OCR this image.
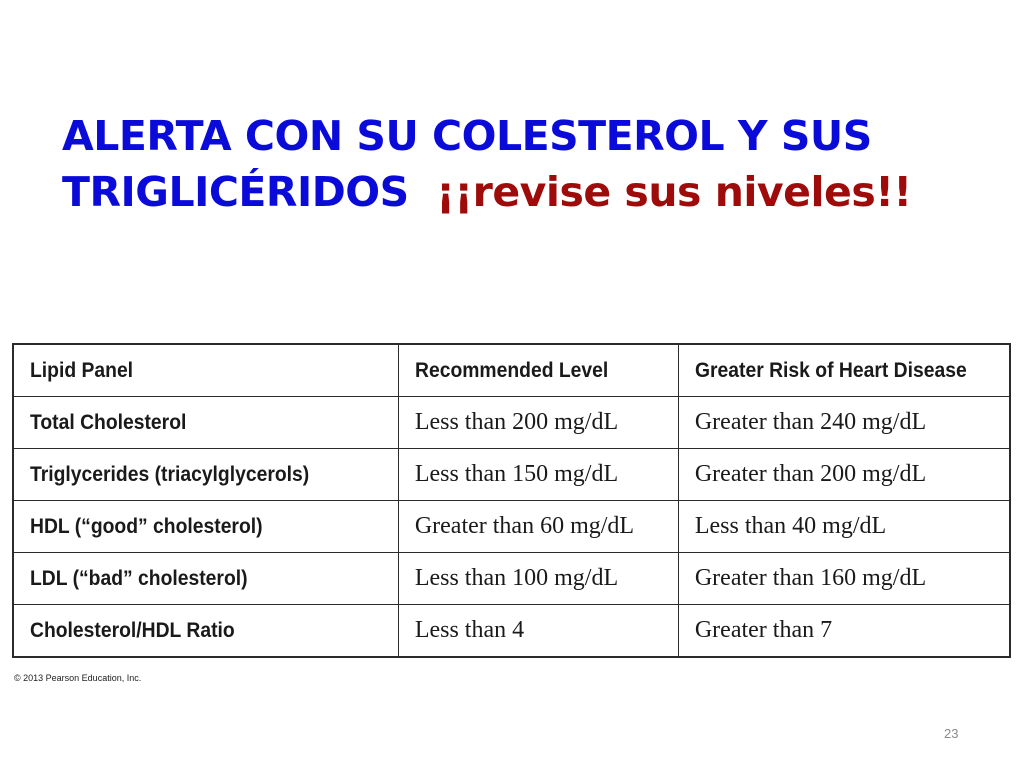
ALERTA CON SU COLESTEROL Y SUS TRIGLICÉRIDOS ¡¡revise sus niveles!!
Lipid Panel	Recommended Level	Greater Risk of Heart Disease
Total Cholesterol	Less than 200 mg/dL	Greater than 240 mg/dL
Triglycerides (triacylglycerols)	Less than 150 mg/dL	Greater than 200 mg/dL
HDL (“good” cholesterol)	Greater than 60 mg/dL	Less than 40 mg/dL
LDL (“bad” cholesterol)	Less than 100 mg/dL	Greater than 160 mg/dL
Cholesterol/HDL Ratio	Less than 4	Greater than 7
© 2013 Pearson Education, Inc.
23
